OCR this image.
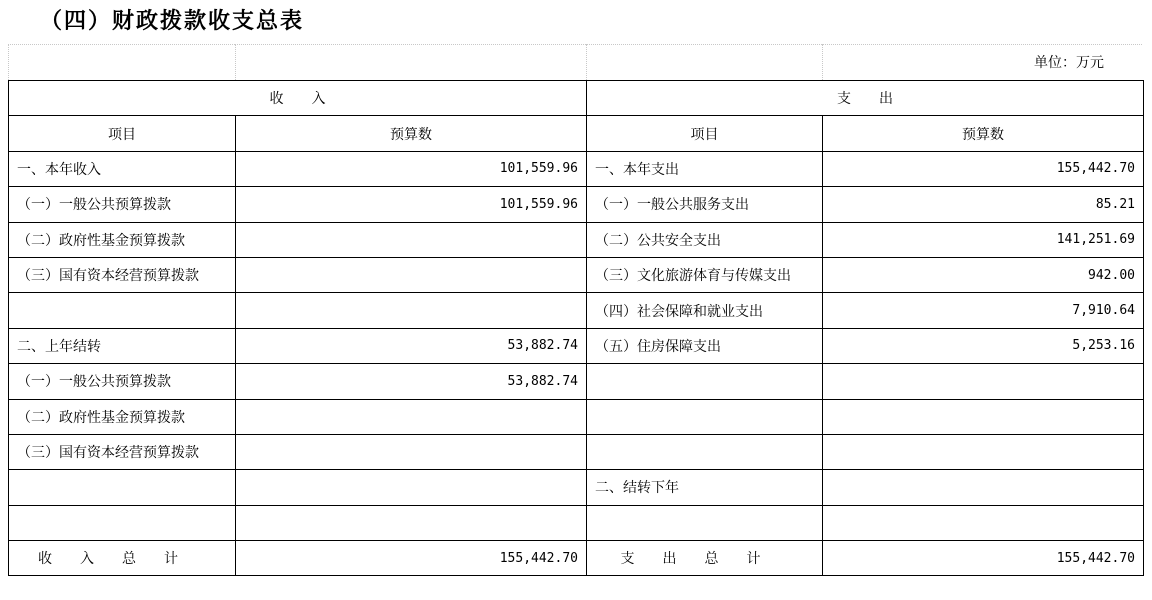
（四）财政拨款收支总表
单位：万元
收　　入		支　　出	
项目	预算数	项目	预算数
一、本年收入	101,559.96	一、本年支出	155,442.70
（一）一般公共预算拨款	101,559.96	（一）一般公共服务支出	85.21
（二）政府性基金预算拨款		（二）公共安全支出	141,251.69
（三）国有资本经营预算拨款		（三）文化旅游体育与传媒支出	942.00
		（四）社会保障和就业支出	7,910.64
二、上年结转	53,882.74	（五）住房保障支出	5,253.16
（一）一般公共预算拨款	53,882.74		
（二）政府性基金预算拨款			
（三）国有资本经营预算拨款			
		二、结转下年	

收入总计	155,442.70	支出总计	155,442.70
